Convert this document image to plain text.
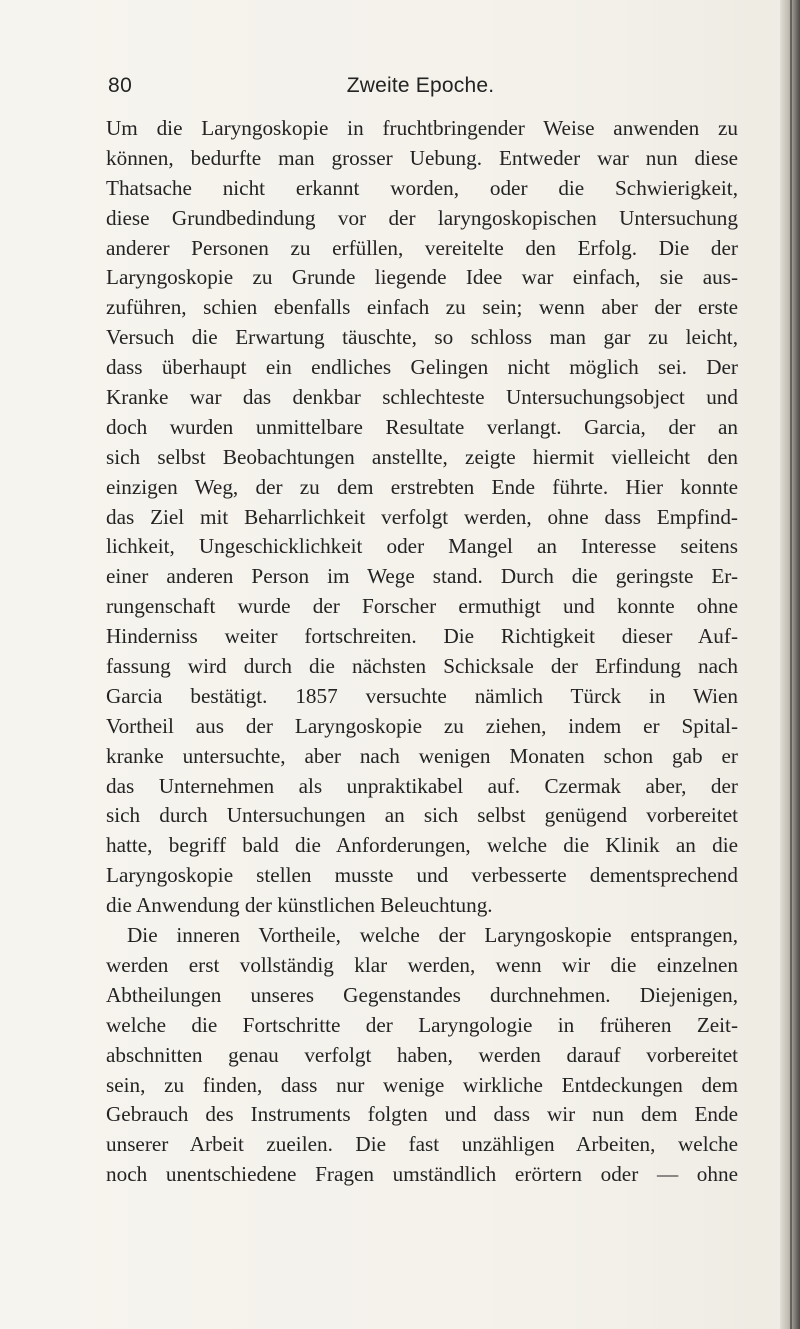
80	Zweite Epoche.
Um die Laryngoskopie in fruchtbringender Weise anwenden zu
können, bedurfte man grosser Uebung. Entweder war nun diese
Thatsache nicht erkannt worden, oder die Schwierigkeit,
diese Grundbedindung vor der laryngoskopischen Untersuchung
anderer Personen zu erfüllen, vereitelte den Erfolg. Die der
Laryngoskopie zu Grunde liegende Idee war einfach, sie aus-
zuführen, schien ebenfalls einfach zu sein; wenn aber der erste
Versuch die Erwartung täuschte, so schloss man gar zu leicht,
dass überhaupt ein endliches Gelingen nicht möglich sei. Der
Kranke war das denkbar schlechteste Untersuchungsobject und
doch wurden unmittelbare Resultate verlangt. Garcia, der an
sich selbst Beobachtungen anstellte, zeigte hiermit vielleicht den
einzigen Weg, der zu dem erstrebten Ende führte. Hier konnte
das Ziel mit Beharrlichkeit verfolgt werden, ohne dass Empfind-
lichkeit, Ungeschicklichkeit oder Mangel an Interesse seitens
einer anderen Person im Wege stand. Durch die geringste Er-
rungenschaft wurde der Forscher ermuthigt und konnte ohne
Hinderniss weiter fortschreiten. Die Richtigkeit dieser Auf-
fassung wird durch die nächsten Schicksale der Erfindung nach
Garcia bestätigt. 1857 versuchte nämlich Türck in Wien
Vortheil aus der Laryngoskopie zu ziehen, indem er Spital-
kranke untersuchte, aber nach wenigen Monaten schon gab er
das Unternehmen als unpraktikabel auf. Czermak aber, der
sich durch Untersuchungen an sich selbst genügend vorbereitet
hatte, begriff bald die Anforderungen, welche die Klinik an die
Laryngoskopie stellen musste und verbesserte dementsprechend
die Anwendung der künstlichen Beleuchtung.
Die inneren Vortheile, welche der Laryngoskopie entsprangen,
werden erst vollständig klar werden, wenn wir die einzelnen
Abtheilungen unseres Gegenstandes durchnehmen. Diejenigen,
welche die Fortschritte der Laryngologie in früheren Zeit-
abschnitten genau verfolgt haben, werden darauf vorbereitet
sein, zu finden, dass nur wenige wirkliche Entdeckungen dem
Gebrauch des Instruments folgten und dass wir nun dem Ende
unserer Arbeit zueilen. Die fast unzähligen Arbeiten, welche
noch unentschiedene Fragen umständlich erörtern oder — ohne
